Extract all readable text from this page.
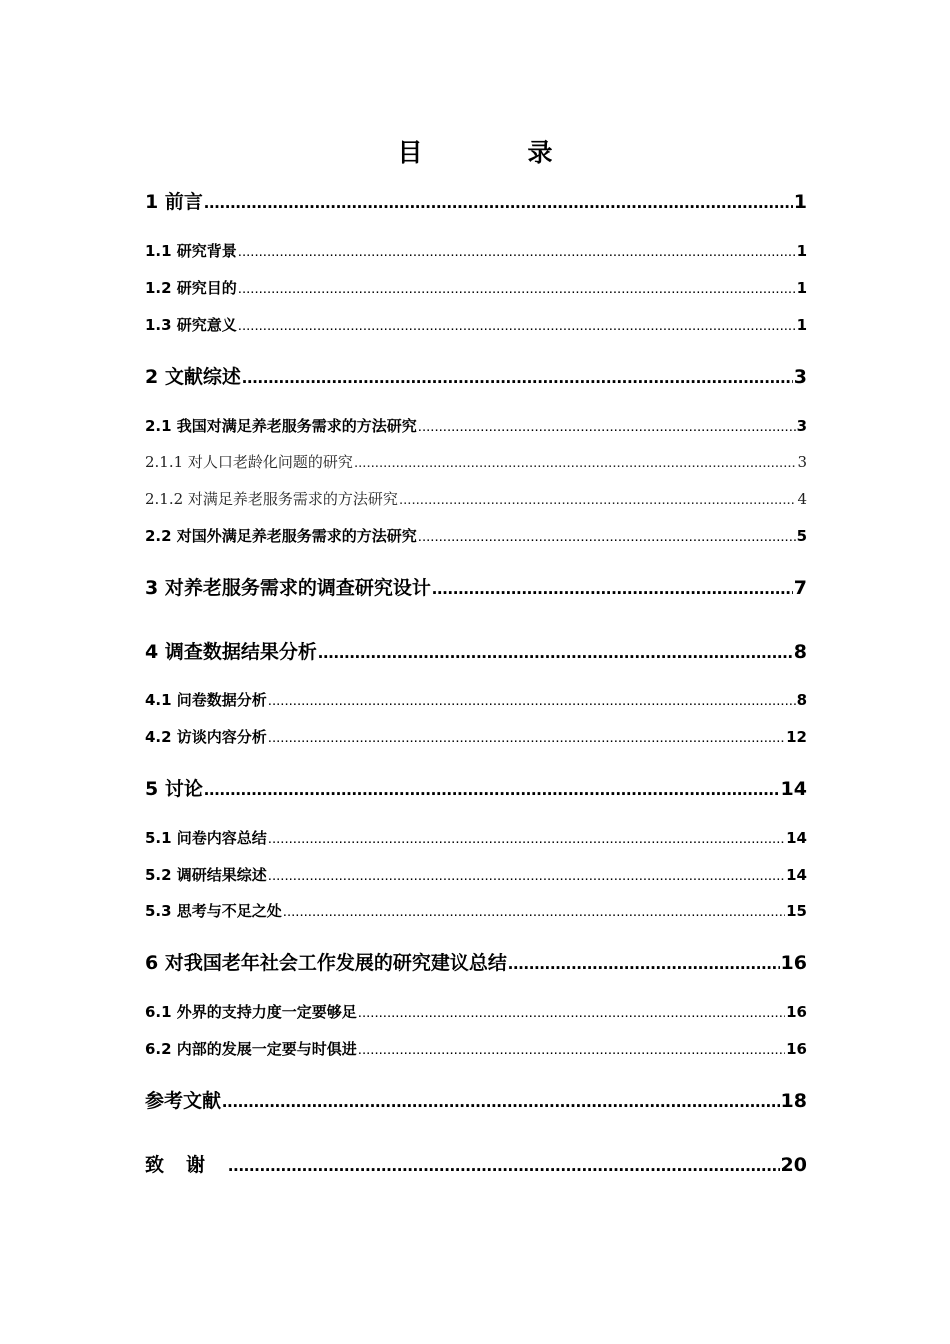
目　录
1 前言 .....	1
1.1 研究背景 .....	1
1.2 研究目的 .....	1
1.3 研究意义 .....	1
2 文献综述 .....	3
2.1 我国对满足养老服务需求的方法研究 .....	3
2.1.1 对人口老龄化问题的研究 .....	3
2.1.2 对满足养老服务需求的方法研究 .....	4
2.2 对国外满足养老服务需求的方法研究 .....	5
3 对养老服务需求的调查研究设计 .....	7
4 调查数据结果分析 .....	8
4.1 问卷数据分析 .....	8
4.2 访谈内容分析 .....	12
5 讨论 .....	14
5.1 问卷内容总结 .....	14
5.2 调研结果综述 .....	14
5.3 思考与不足之处 .....	15
6 对我国老年社会工作发展的研究建议总结 .....	16
6.1 外界的支持力度一定要够足 .....	16
6.2 内部的发展一定要与时俱进 .....	16
参考文献 .....	18
致谢 .....	20
